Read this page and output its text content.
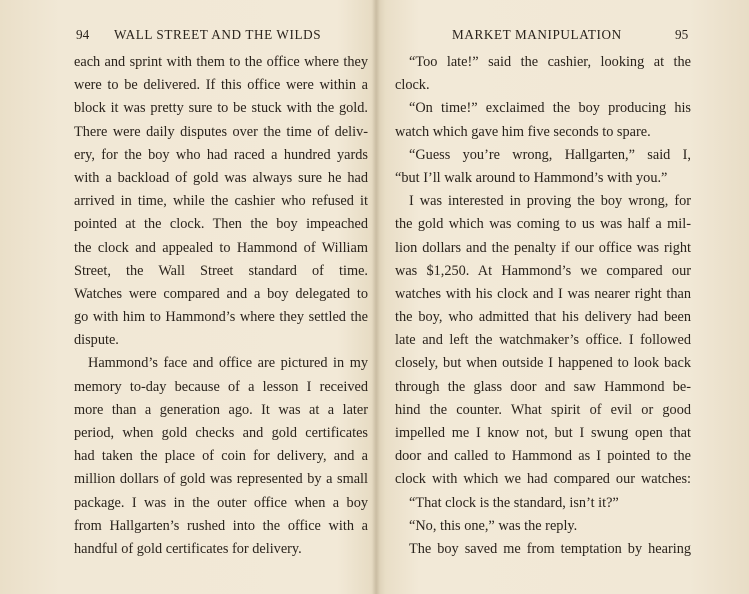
94 WALL STREET AND THE WILDS
each and sprint with them to the office where they
were to be delivered. If this office were within a
block it was pretty sure to be stuck with the gold.
There were daily disputes over the time of deliv-
ery, for the boy who had raced a hundred yards
with a backload of gold was always sure he had
arrived in time, while the cashier who refused it
pointed at the clock. Then the boy impeached
the clock and appealed to Hammond of William
Street, the Wall Street standard of time.
Watches were compared and a boy delegated to
go with him to Hammond’s where they settled the
dispute.
Hammond’s face and office are pictured in my
memory to-day because of a lesson I received
more than a generation ago. It was at a later
period, when gold checks and gold certificates
had taken the place of coin for delivery, and a
million dollars of gold was represented by a small
package. I was in the outer office when a boy
from Hallgarten’s rushed into the office with a
handful of gold certificates for delivery.
MARKET MANIPULATION	95
“Too late!” said the cashier, looking at the
clock.
“On time!” exclaimed the boy producing his
watch which gave him five seconds to spare.
“Guess you’re wrong, Hallgarten,” said I,
“but I’ll walk around to Hammond’s with you.”
I was interested in proving the boy wrong, for
the gold which was coming to us was half a mil-
lion dollars and the penalty if our office was right
was $1,250. At Hammond’s we compared our
watches with his clock and I was nearer right than
the boy, who admitted that his delivery had been
late and left the watchmaker’s office. I followed
closely, but when outside I happened to look back
through the glass door and saw Hammond be-
hind the counter. What spirit of evil or good
impelled me I know not, but I swung open that
door and called to Hammond as I pointed to the
clock with which we had compared our watches:
“That clock is the standard, isn’t it?”
“No, this one,” was the reply.
The boy saved me from temptation by hearing
